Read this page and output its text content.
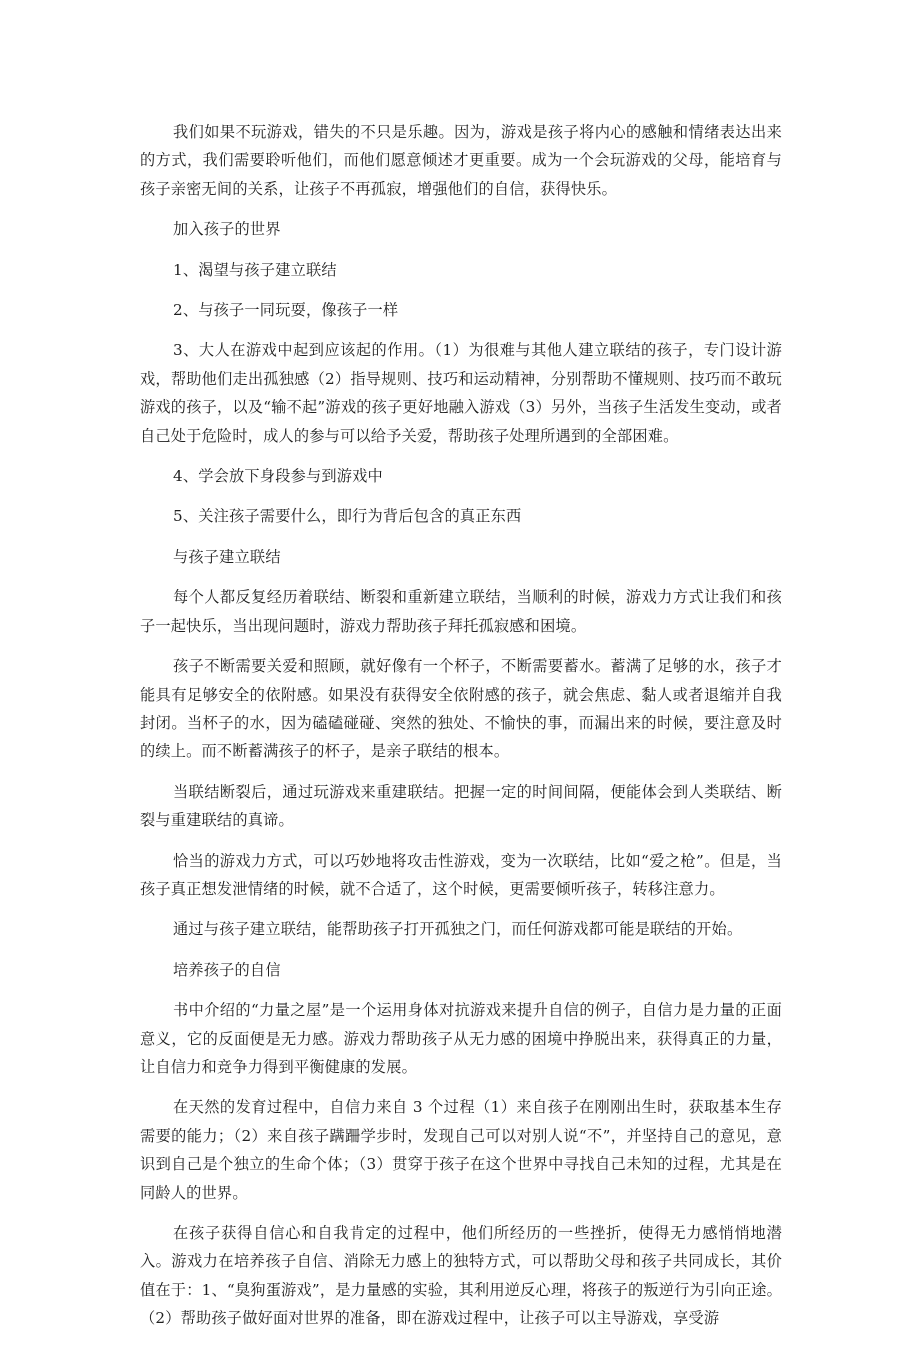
我们如果不玩游戏，错失的不只是乐趣。因为，游戏是孩子将内心的感触和情绪表达出来的方式，我们需要聆听他们，而他们愿意倾述才更重要。成为一个会玩游戏的父母，能培育与孩子亲密无间的关系，让孩子不再孤寂，增强他们的自信，获得快乐。

加入孩子的世界

1、渴望与孩子建立联结

2、与孩子一同玩耍，像孩子一样

3、大人在游戏中起到应该起的作用。（1）为很难与其他人建立联结的孩子，专门设计游戏，帮助他们走出孤独感（2）指导规则、技巧和运动精神，分别帮助不懂规则、技巧而不敢玩游戏的孩子，以及“输不起”游戏的孩子更好地融入游戏（3）另外，当孩子生活发生变动，或者自己处于危险时，成人的参与可以给予关爱，帮助孩子处理所遇到的全部困难。

4、学会放下身段参与到游戏中

5、关注孩子需要什么，即行为背后包含的真正东西

与孩子建立联结

每个人都反复经历着联结、断裂和重新建立联结，当顺利的时候，游戏力方式让我们和孩子一起快乐，当出现问题时，游戏力帮助孩子拜托孤寂感和困境。

孩子不断需要关爱和照顾，就好像有一个杯子，不断需要蓄水。蓄满了足够的水，孩子才能具有足够安全的依附感。如果没有获得安全依附感的孩子，就会焦虑、黏人或者退缩并自我封闭。当杯子的水，因为磕磕碰碰、突然的独处、不愉快的事，而漏出来的时候，要注意及时的续上。而不断蓄满孩子的杯子，是亲子联结的根本。

当联结断裂后，通过玩游戏来重建联结。把握一定的时间间隔，便能体会到人类联结、断裂与重建联结的真谛。

恰当的游戏力方式，可以巧妙地将攻击性游戏，变为一次联结，比如“爱之枪”。但是，当孩子真正想发泄情绪的时候，就不合适了，这个时候，更需要倾听孩子，转移注意力。

通过与孩子建立联结，能帮助孩子打开孤独之门，而任何游戏都可能是联结的开始。

培养孩子的自信

书中介绍的“力量之屋”是一个运用身体对抗游戏来提升自信的例子，自信力是力量的正面意义，它的反面便是无力感。游戏力帮助孩子从无力感的困境中挣脱出来，获得真正的力量，让自信力和竞争力得到平衡健康的发展。

在天然的发育过程中，自信力来自 3 个过程（1）来自孩子在刚刚出生时，获取基本生存需要的能力；（2）来自孩子蹒跚学步时，发现自己可以对别人说“不”，并坚持自己的意见，意识到自己是个独立的生命个体；（3）贯穿于孩子在这个世界中寻找自己未知的过程，尤其是在同龄人的世界。

在孩子获得自信心和自我肯定的过程中，他们所经历的一些挫折，使得无力感悄悄地潜入。游戏力在培养孩子自信、消除无力感上的独特方式，可以帮助父母和孩子共同成长，其价值在于：1、“臭狗蛋游戏”，是力量感的实验，其利用逆反心理，将孩子的叛逆行为引向正途。（2）帮助孩子做好面对世界的准备，即在游戏过程中，让孩子可以主导游戏，享受游
